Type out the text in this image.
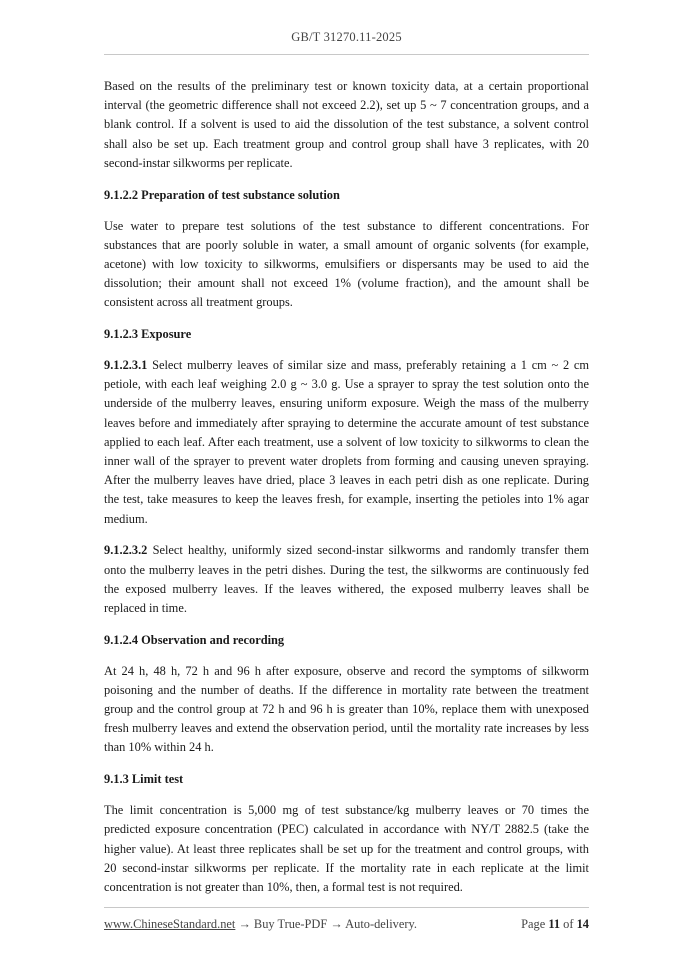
GB/T 31270.11-2025

Based on the results of the preliminary test or known toxicity data, at a certain proportional interval (the geometric difference shall not exceed 2.2), set up 5 ~ 7 concentration groups, and a blank control. If a solvent is used to aid the dissolution of the test substance, a solvent control shall also be set up. Each treatment group and control group shall have 3 replicates, with 20 second-instar silkworms per replicate.

9.1.2.2 Preparation of test substance solution

Use water to prepare test solutions of the test substance to different concentrations. For substances that are poorly soluble in water, a small amount of organic solvents (for example, acetone) with low toxicity to silkworms, emulsifiers or dispersants may be used to aid the dissolution; their amount shall not exceed 1% (volume fraction), and the amount shall be consistent across all treatment groups.

9.1.2.3 Exposure

9.1.2.3.1 Select mulberry leaves of similar size and mass, preferably retaining a 1 cm ~ 2 cm petiole, with each leaf weighing 2.0 g ~ 3.0 g. Use a sprayer to spray the test solution onto the underside of the mulberry leaves, ensuring uniform exposure. Weigh the mass of the mulberry leaves before and immediately after spraying to determine the accurate amount of test substance applied to each leaf. After each treatment, use a solvent of low toxicity to silkworms to clean the inner wall of the sprayer to prevent water droplets from forming and causing uneven spraying. After the mulberry leaves have dried, place 3 leaves in each petri dish as one replicate. During the test, take measures to keep the leaves fresh, for example, inserting the petioles into 1% agar medium.

9.1.2.3.2 Select healthy, uniformly sized second-instar silkworms and randomly transfer them onto the mulberry leaves in the petri dishes. During the test, the silkworms are continuously fed the exposed mulberry leaves. If the leaves withered, the exposed mulberry leaves shall be replaced in time.

9.1.2.4 Observation and recording

At 24 h, 48 h, 72 h and 96 h after exposure, observe and record the symptoms of silkworm poisoning and the number of deaths. If the difference in mortality rate between the treatment group and the control group at 72 h and 96 h is greater than 10%, replace them with unexposed fresh mulberry leaves and extend the observation period, until the mortality rate increases by less than 10% within 24 h.

9.1.3 Limit test

The limit concentration is 5,000 mg of test substance/kg mulberry leaves or 70 times the predicted exposure concentration (PEC) calculated in accordance with NY/T 2882.5 (take the higher value). At least three replicates shall be set up for the treatment and control groups, with 20 second-instar silkworms per replicate. If the mortality rate in each replicate at the limit concentration is not greater than 10%, then, a formal test is not required.

www.ChineseStandard.net → Buy True-PDF → Auto-delivery.	Page 11 of 14
